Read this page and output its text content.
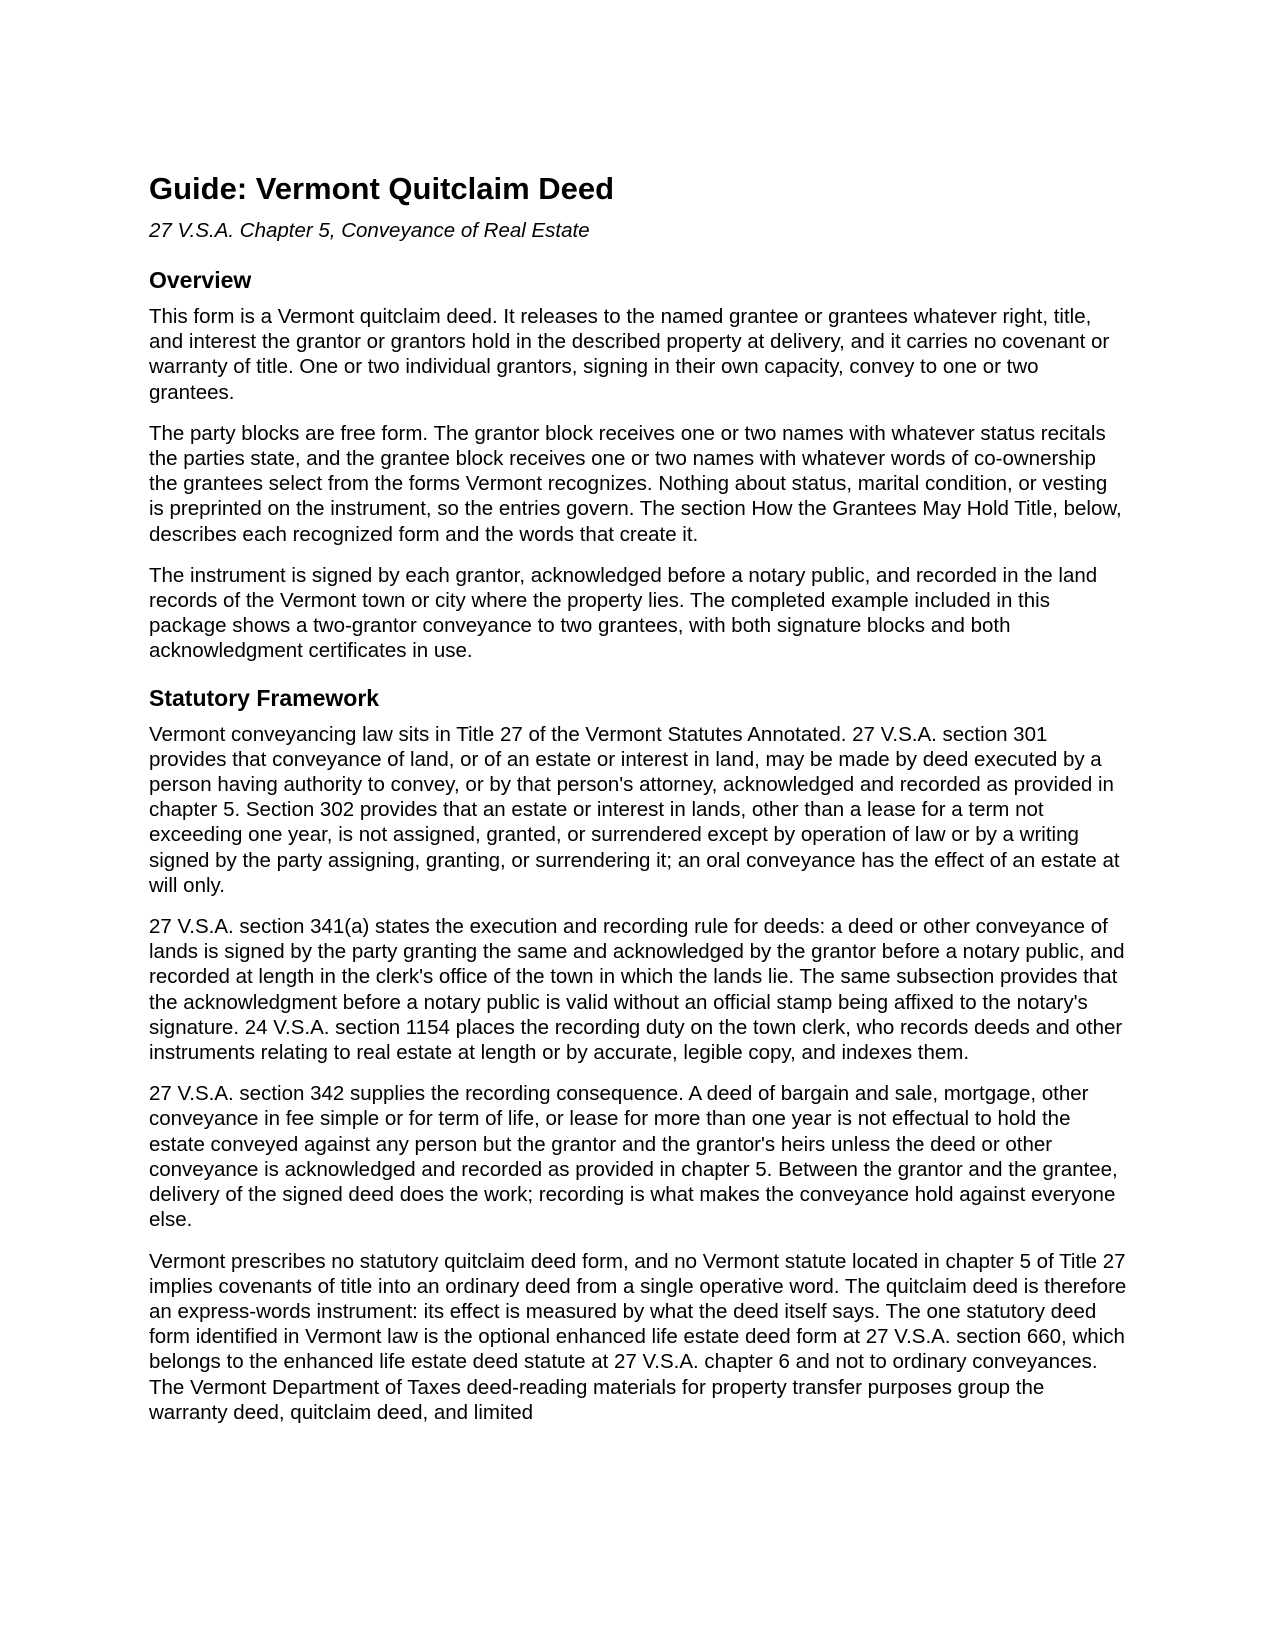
Guide: Vermont Quitclaim Deed
27 V.S.A. Chapter 5, Conveyance of Real Estate
Overview

This form is a Vermont quitclaim deed. It releases to the named grantee or grantees whatever right, title, and interest the grantor or grantors hold in the described property at delivery, and it carries no covenant or warranty of title. One or two individual grantors, signing in their own capacity, convey to one or two grantees.

The party blocks are free form. The grantor block receives one or two names with whatever status recitals the parties state, and the grantee block receives one or two names with whatever words of co-ownership the grantees select from the forms Vermont recognizes. Nothing about status, marital condition, or vesting is preprinted on the instrument, so the entries govern. The section How the Grantees May Hold Title, below, describes each recognized form and the words that create it.

The instrument is signed by each grantor, acknowledged before a notary public, and recorded in the land records of the Vermont town or city where the property lies. The completed example included in this package shows a two-grantor conveyance to two grantees, with both signature blocks and both acknowledgment certificates in use.

Statutory Framework

Vermont conveyancing law sits in Title 27 of the Vermont Statutes Annotated. 27 V.S.A. section 301 provides that conveyance of land, or of an estate or interest in land, may be made by deed executed by a person having authority to convey, or by that person's attorney, acknowledged and recorded as provided in chapter 5. Section 302 provides that an estate or interest in lands, other than a lease for a term not exceeding one year, is not assigned, granted, or surrendered except by operation of law or by a writing signed by the party assigning, granting, or surrendering it; an oral conveyance has the effect of an estate at will only.

27 V.S.A. section 341(a) states the execution and recording rule for deeds: a deed or other conveyance of lands is signed by the party granting the same and acknowledged by the grantor before a notary public, and recorded at length in the clerk's office of the town in which the lands lie. The same subsection provides that the acknowledgment before a notary public is valid without an official stamp being affixed to the notary's signature. 24 V.S.A. section 1154 places the recording duty on the town clerk, who records deeds and other instruments relating to real estate at length or by accurate, legible copy, and indexes them.

27 V.S.A. section 342 supplies the recording consequence. A deed of bargain and sale, mortgage, other conveyance in fee simple or for term of life, or lease for more than one year is not effectual to hold the estate conveyed against any person but the grantor and the grantor's heirs unless the deed or other conveyance is acknowledged and recorded as provided in chapter 5. Between the grantor and the grantee, delivery of the signed deed does the work; recording is what makes the conveyance hold against everyone else.

Vermont prescribes no statutory quitclaim deed form, and no Vermont statute located in chapter 5 of Title 27 implies covenants of title into an ordinary deed from a single operative word. The quitclaim deed is therefore an express-words instrument: its effect is measured by what the deed itself says. The one statutory deed form identified in Vermont law is the optional enhanced life estate deed form at 27 V.S.A. section 660, which belongs to the enhanced life estate deed statute at 27 V.S.A. chapter 6 and not to ordinary conveyances. The Vermont Department of Taxes deed-reading materials for property transfer purposes group the warranty deed, quitclaim deed, and limited
